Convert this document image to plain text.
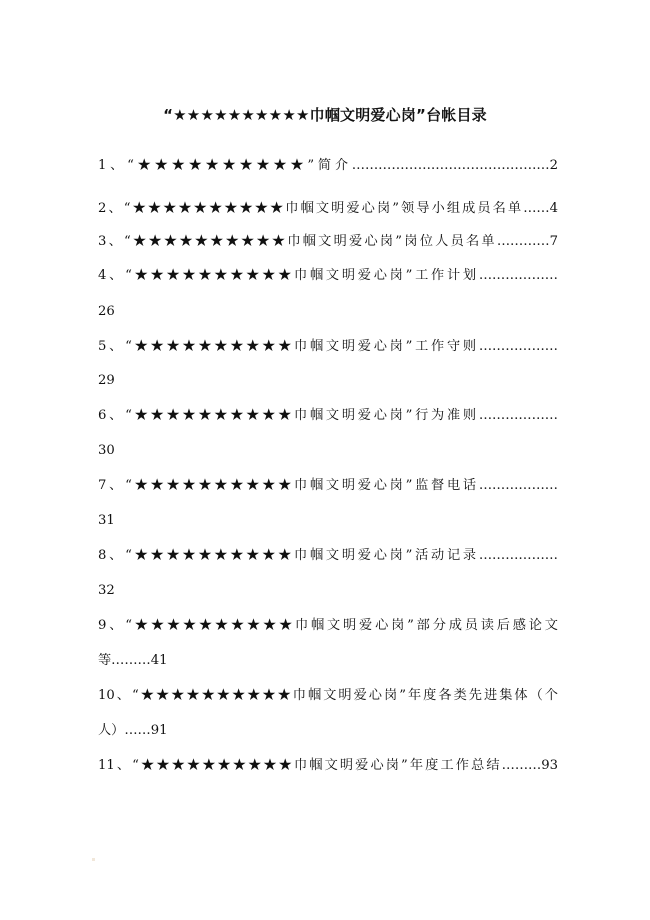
“★★★★★★★★★★巾帼文明爱心岗”台帐目录
1、“★★★★★★★★★★”简介………………………………………2
2、“★★★★★★★★★★巾帼文明爱心岗”领导小组成员名单……4
3、“★★★★★★★★★★巾帼文明爱心岗”岗位人员名单…………7
4、“★★★★★★★★★★巾帼文明爱心岗”工作计划………………
26
5、“★★★★★★★★★★巾帼文明爱心岗”工作守则………………
29
6、“★★★★★★★★★★巾帼文明爱心岗”行为准则………………
30
7、“★★★★★★★★★★巾帼文明爱心岗”监督电话………………
31
8、“★★★★★★★★★★巾帼文明爱心岗”活动记录………………
32
9、“★★★★★★★★★★巾帼文明爱心岗”部分成员读后感论文
等………41
10、“★★★★★★★★★★巾帼文明爱心岗”年度各类先进集体（个
人）……91
11、“★★★★★★★★★★巾帼文明爱心岗”年度工作总结………93
